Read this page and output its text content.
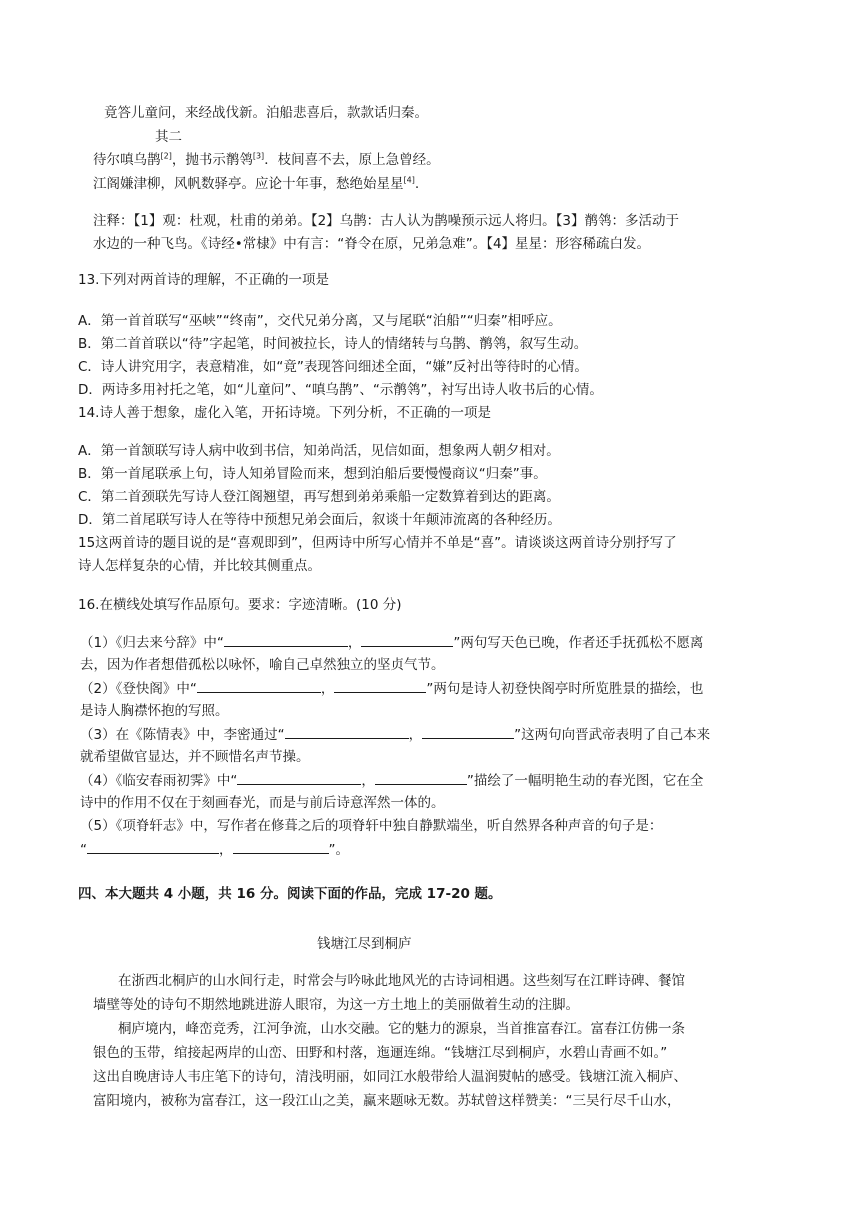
竟答儿童问，来经战伐新。泊船悲喜后，款款话归秦。
其二
待尔嗔乌鹊[2]，抛书示鹡鸰[3]．枝间喜不去，原上急曾经。
江阁嫌津柳，风帆数驿亭。应论十年事，愁绝始星星[4].
注释：【1】观：杜观，杜甫的弟弟。【2】乌鹊：古人认为鹊噪预示远人将归。【3】鹡鸰：多活动于
水边的一种飞鸟。《诗经•常棣》中有言：“脊令在原，兄弟急难”。【4】星星：形容稀疏白发。
13.下列对两首诗的理解，不正确的一项是
A．第一首首联写“巫峡”“终南”，交代兄弟分离，又与尾联“泊船”“归秦”相呼应。
B．第二首首联以“待”字起笔，时间被拉长，诗人的情绪转与乌鹊、鹡鸰，叙写生动。
C．诗人讲究用字，表意精准，如“竟”表现答问细述全面，“嫌”反衬出等待时的心情。
D．两诗多用衬托之笔，如“儿童问”、“嗔乌鹊”、“示鹡鸰”，衬写出诗人收书后的心情。
14.诗人善于想象，虚化入笔，开拓诗境。下列分析，不正确的一项是
A．第一首颔联写诗人病中收到书信，知弟尚活，见信如面，想象两人朝夕相对。
B．第一首尾联承上句，诗人知弟冒险而来，想到泊船后要慢慢商议“归秦”事。
C．第二首颈联先写诗人登江阁翘望，再写想到弟弟乘船一定数算着到达的距离。
D．第二首尾联写诗人在等待中预想兄弟会面后，叙谈十年颠沛流离的各种经历。
15这两首诗的题目说的是“喜观即到”，但两诗中所写心情并不单是“喜”。请谈谈这两首诗分别抒写了
诗人怎样复杂的心情，并比较其侧重点。
16.在横线处填写作品原句。要求：字迹清晰。(10 分)
（1）《归去来兮辞》中“	，	”两句写天色已晚，作者还手抚孤松不愿离
去，因为作者想借孤松以咏怀，喻自己卓然独立的坚贞气节。
（2）《登快阁》中“	，	”两句是诗人初登快阁亭时所览胜景的描绘，也
是诗人胸襟怀抱的写照。
（3）在《陈情表》中，李密通过“	，	”这两句向晋武帝表明了自己本来
就希望做官显达，并不顾惜名声节操。
（4）《临安春雨初霁》中“	，	”描绘了一幅明艳生动的春光图，它在全
诗中的作用不仅在于刻画春光，而是与前后诗意浑然一体的。
（5）《项脊轩志》中，写作者在修葺之后的项脊轩中独自静默端坐，听自然界各种声音的句子是：
“	，	”。
四、本大题共 4 小题，共 16 分。阅读下面的作品，完成 17-20 题。
钱塘江尽到桐庐
在浙西北桐庐的山水间行走，时常会与吟咏此地风光的古诗词相遇。这些刻写在江畔诗碑、餐馆
墙壁等处的诗句不期然地跳进游人眼帘，为这一方土地上的美丽做着生动的注脚。
桐庐境内，峰峦竞秀，江河争流，山水交融。它的魅力的源泉，当首推富春江。富春江仿佛一条
银色的玉带，绾接起两岸的山峦、田野和村落，迤逦连绵。“钱塘江尽到桐庐，水碧山青画不如。”
这出自晚唐诗人韦庄笔下的诗句，清浅明丽，如同江水般带给人温润熨帖的感受。钱塘江流入桐庐、
富阳境内，被称为富春江，这一段江山之美，赢来题咏无数。苏轼曾这样赞美：“三吴行尽千山水，
